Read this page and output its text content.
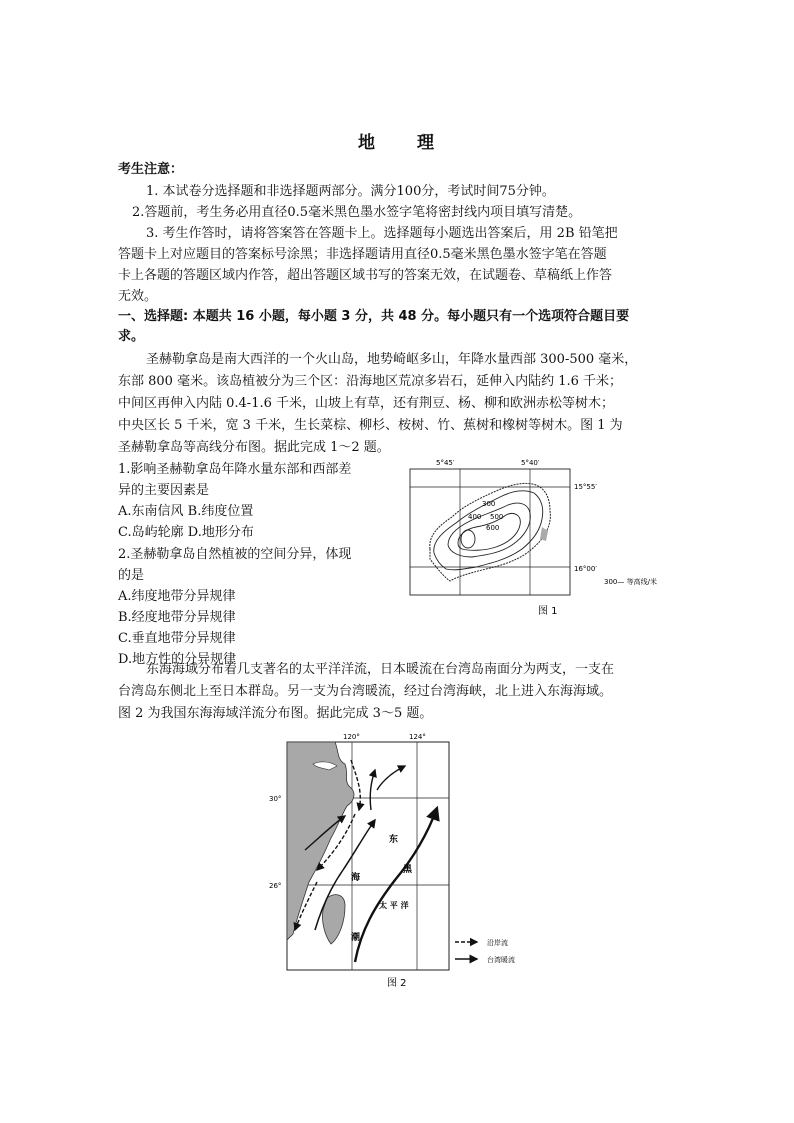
地 理
考生注意：
1. 本试卷分选择题和非选择题两部分。满分100分，考试时间75分钟。
2.答题前，考生务必用直径0.5毫米黑色墨水签字笔将密封线内项目填写清楚。
3. 考生作答时，请将答案答在答题卡上。选择题每小题选出答案后，用 2B 铅笔把
答题卡上对应题目的答案标号涂黑；非选择题请用直径0.5毫米黑色墨水签字笔在答题
卡上各题的答题区域内作答，超出答题区域书写的答案无效，在试题卷、草稿纸上作答
无效。
一、选择题: 本题共 16 小题，每小题 3 分，共 48 分。每小题只有一个选项符合题目要
求。
圣赫勒拿岛是南大西洋的一个火山岛，地势崎岖多山，年降水量西部 300-500 毫米，
东部 800 毫米。该岛植被分为三个区：沿海地区荒凉多岩石，延伸入内陆约 1.6 千米；
中间区再伸入内陆 0.4-1.6 千米，山坡上有草，还有荆豆、杨、柳和欧洲赤松等树木；
中央区长 5 千米，宽 3 千米，生长菜棕、柳杉、桉树、竹、蕉树和橡树等树木。图 1 为
圣赫勒拿岛等高线分布图。据此完成 1～2 题。
1.影响圣赫勒拿岛年降水量东部和西部差
异的主要因素是
A.东南信风 B.纬度位置
C.岛屿轮廓 D.地形分布
2.圣赫勒拿岛自然植被的空间分异，体现
的是
A.纬度地带分异规律
B.经度地带分异规律
C.垂直地带分异规律
D.地方性的分异规律
5°45′	5°40′
15°55′
16°00′
300
400 500
600
300— 等高线/米
图 1
东海海域分布着几支著名的太平洋洋流，日本暖流在台湾岛南面分为两支，一支在
台湾岛东侧北上至日本群岛。另一支为台湾暖流，经过台湾海峡，北上进入东海海域。
图 2 为我国东海海域洋流分布图。据此完成 3～5 题。
120°	124°
30°
26°
东
海
黑
潮
太 平 洋
沿岸流
台湾暖流
图 2
